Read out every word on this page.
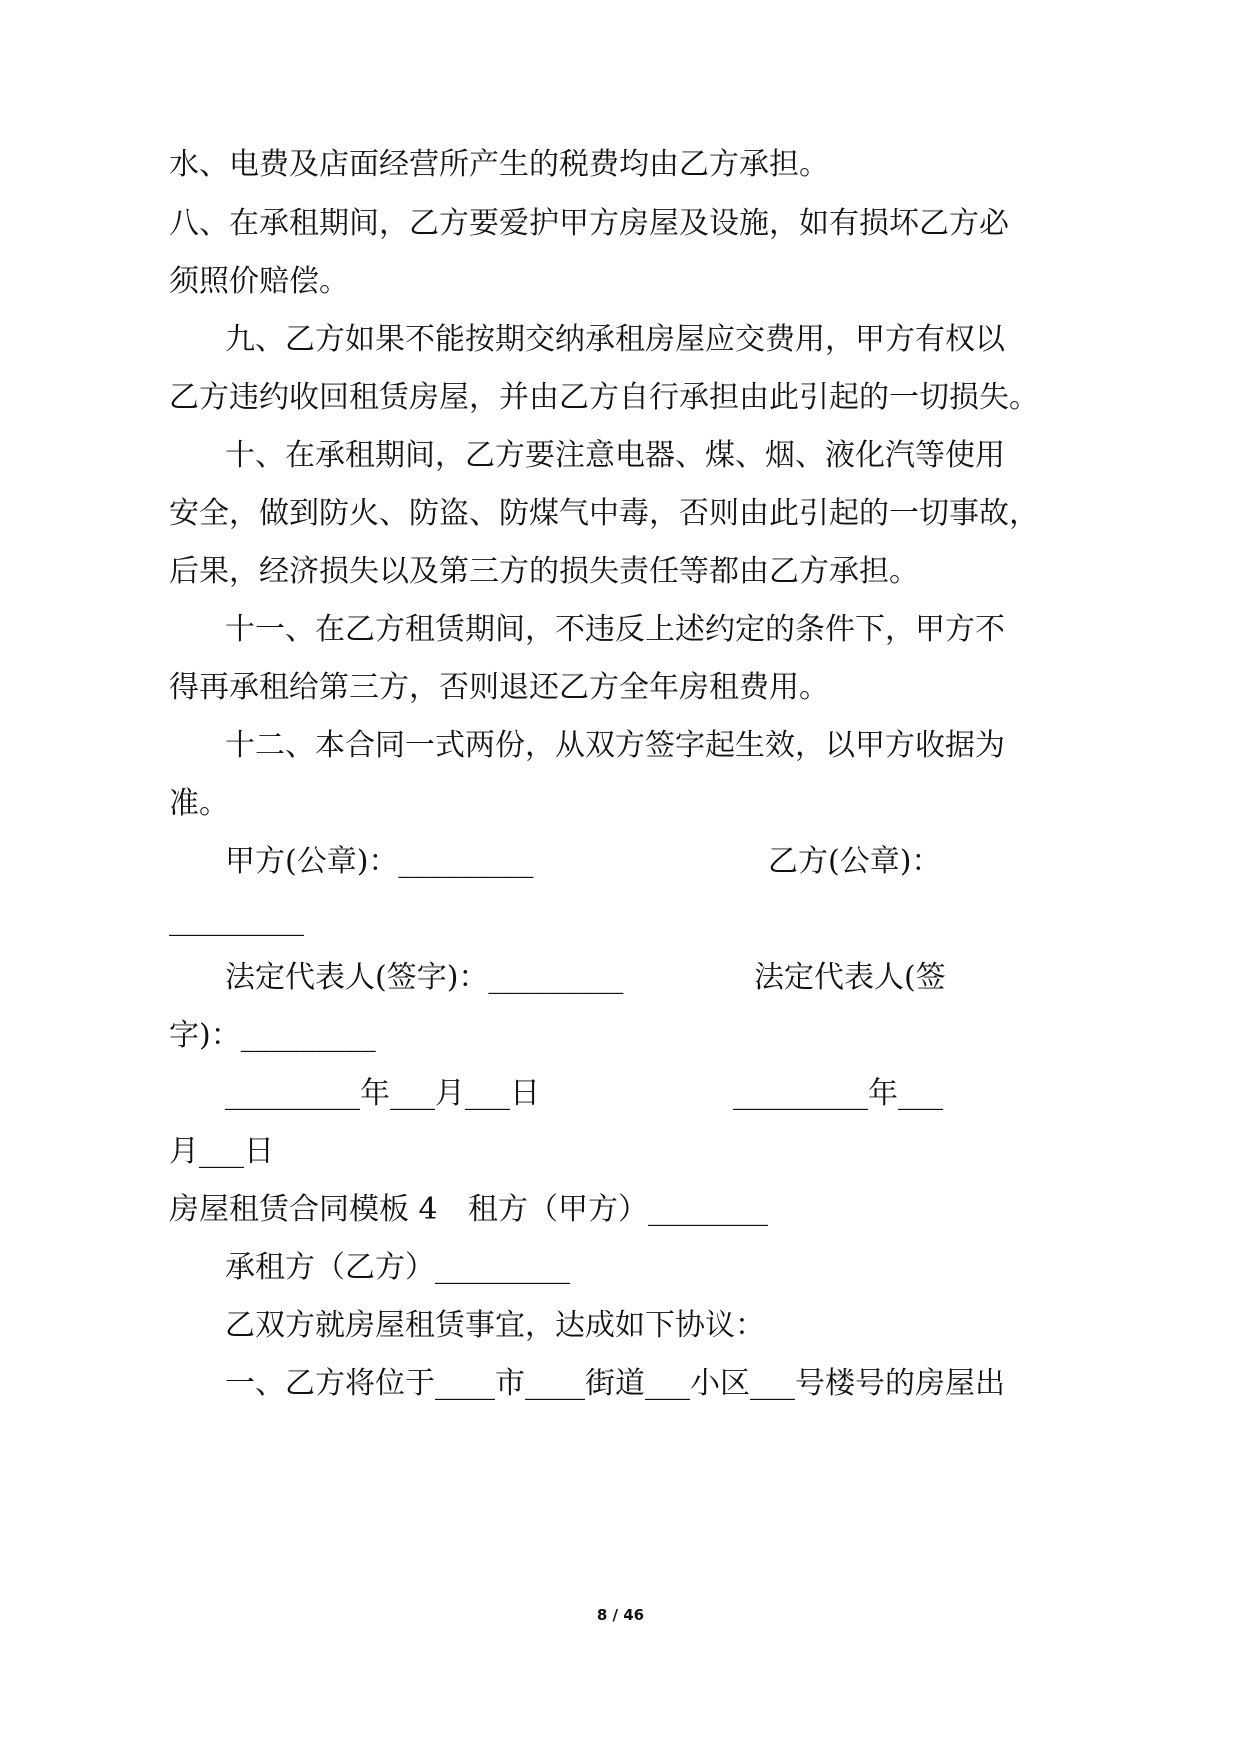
水、电费及店面经营所产生的税费均由乙方承担。
八、在承租期间，乙方要爱护甲方房屋及设施，如有损坏乙方必
须照价赔偿。
九、乙方如果不能按期交纳承租房屋应交费用，甲方有权以
乙方违约收回租赁房屋，并由乙方自行承担由此引起的一切损失。
十、在承租期间，乙方要注意电器、煤、烟、液化汽等使用
安全，做到防火、防盗、防煤气中毒，否则由此引起的一切事故，
后果，经济损失以及第三方的损失责任等都由乙方承担。
十一、在乙方租赁期间，不违反上述约定的条件下，甲方不
得再承租给第三方，否则退还乙方全年房租费用。
十二、本合同一式两份，从双方签字起生效，以甲方收据为
准。
甲方(公章)：_________	乙方(公章)：
_________
法定代表人(签字)：_________	法定代表人(签
字)：_________
_________年___月___日	_________年___
月___日
房屋租赁合同模板 4 租方（甲方）________
承租方（乙方）_________
乙双方就房屋租赁事宜，达成如下协议：
一、乙方将位于____市____街道___小区___号楼号的房屋出
8 / 46
